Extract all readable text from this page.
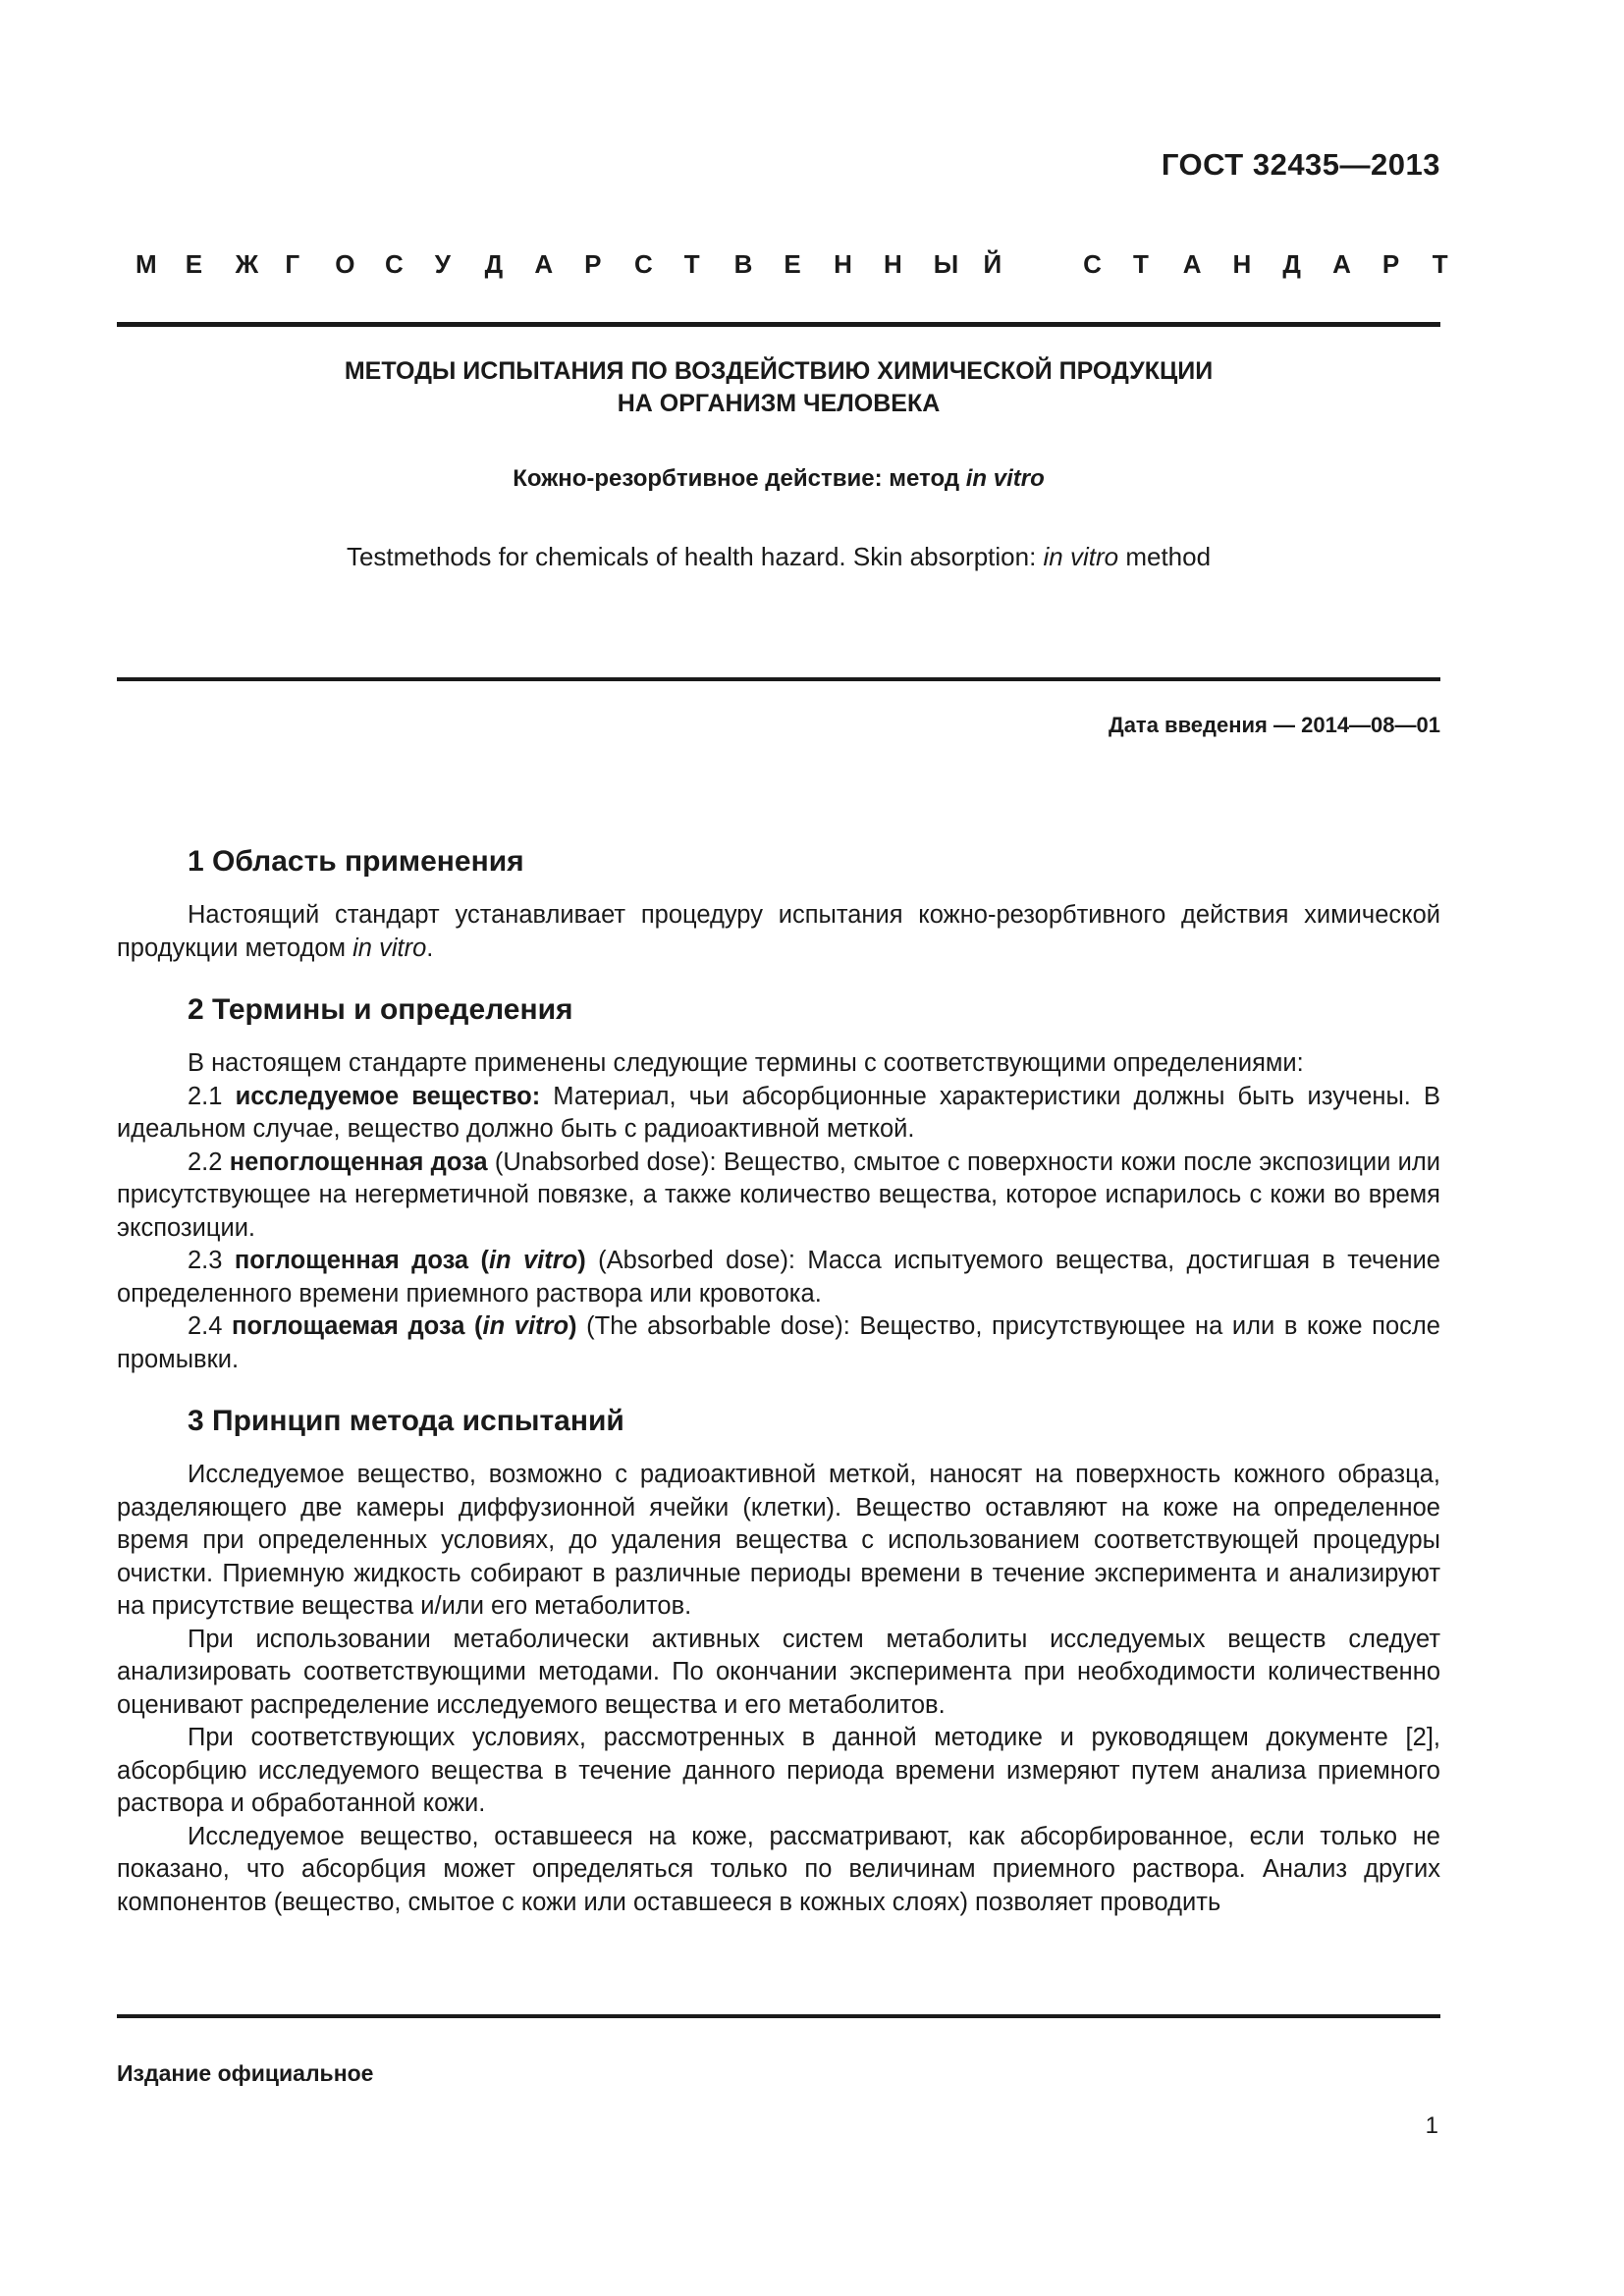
ГОСТ 32435—2013
М Е Ж Г О С У Д А Р С Т В Е Н Н Ы Й	С Т А Н Д А Р Т
МЕТОДЫ ИСПЫТАНИЯ ПО ВОЗДЕЙСТВИЮ ХИМИЧЕСКОЙ ПРОДУКЦИИ
НА ОРГАНИЗМ ЧЕЛОВЕКА
Кожно-резорбтивное действие: метод in vitro
Testmethods for chemicals of health hazard. Skin absorption: in vitro method
Дата введения — 2014—08—01
1 Область применения

Настоящий стандарт устанавливает процедуру испытания кожно-резорбтивного действия химической продукции методом in vitro.

2 Термины и определения

В настоящем стандарте применены следующие термины с соответствующими определениями:

2.1 исследуемое вещество: Материал, чьи абсорбционные характеристики должны быть изучены. В идеальном случае, вещество должно быть с радиоактивной меткой.

2.2 непоглощенная доза (Unabsorbed dose): Вещество, смытое с поверхности кожи после экспозиции или присутствующее на негерметичной повязке, а также количество вещества, которое испарилось с кожи во время экспозиции.

2.3 поглощенная доза (in vitro) (Absorbed dose): Масса испытуемого вещества, достигшая в течение определенного времени приемного раствора или кровотока.

2.4 поглощаемая доза (in vitro) (The absorbable dose): Вещество, присутствующее на или в коже после промывки.

3 Принцип метода испытаний

Исследуемое вещество, возможно с радиоактивной меткой, наносят на поверхность кожного образца, разделяющего две камеры диффузионной ячейки (клетки). Вещество оставляют на коже на определенное время при определенных условиях, до удаления вещества с использованием соответствующей процедуры очистки. Приемную жидкость собирают в различные периоды времени в течение эксперимента и анализируют на присутствие вещества и/или его метаболитов.

При использовании метаболически активных систем метаболиты исследуемых веществ следует анализировать соответствующими методами. По окончании эксперимента при необходимости количественно оценивают распределение исследуемого вещества и его метаболитов.

При соответствующих условиях, рассмотренных в данной методике и руководящем документе [2], абсорбцию исследуемого вещества в течение данного периода времени измеряют путем анализа приемного раствора и обработанной кожи.

Исследуемое вещество, оставшееся на коже, рассматривают, как абсорбированное, если только не показано, что абсорбция может определяться только по величинам приемного раствора. Анализ других компонентов (вещество, смытое с кожи или оставшееся в кожных слоях) позволяет проводить

Издание официальное
1
